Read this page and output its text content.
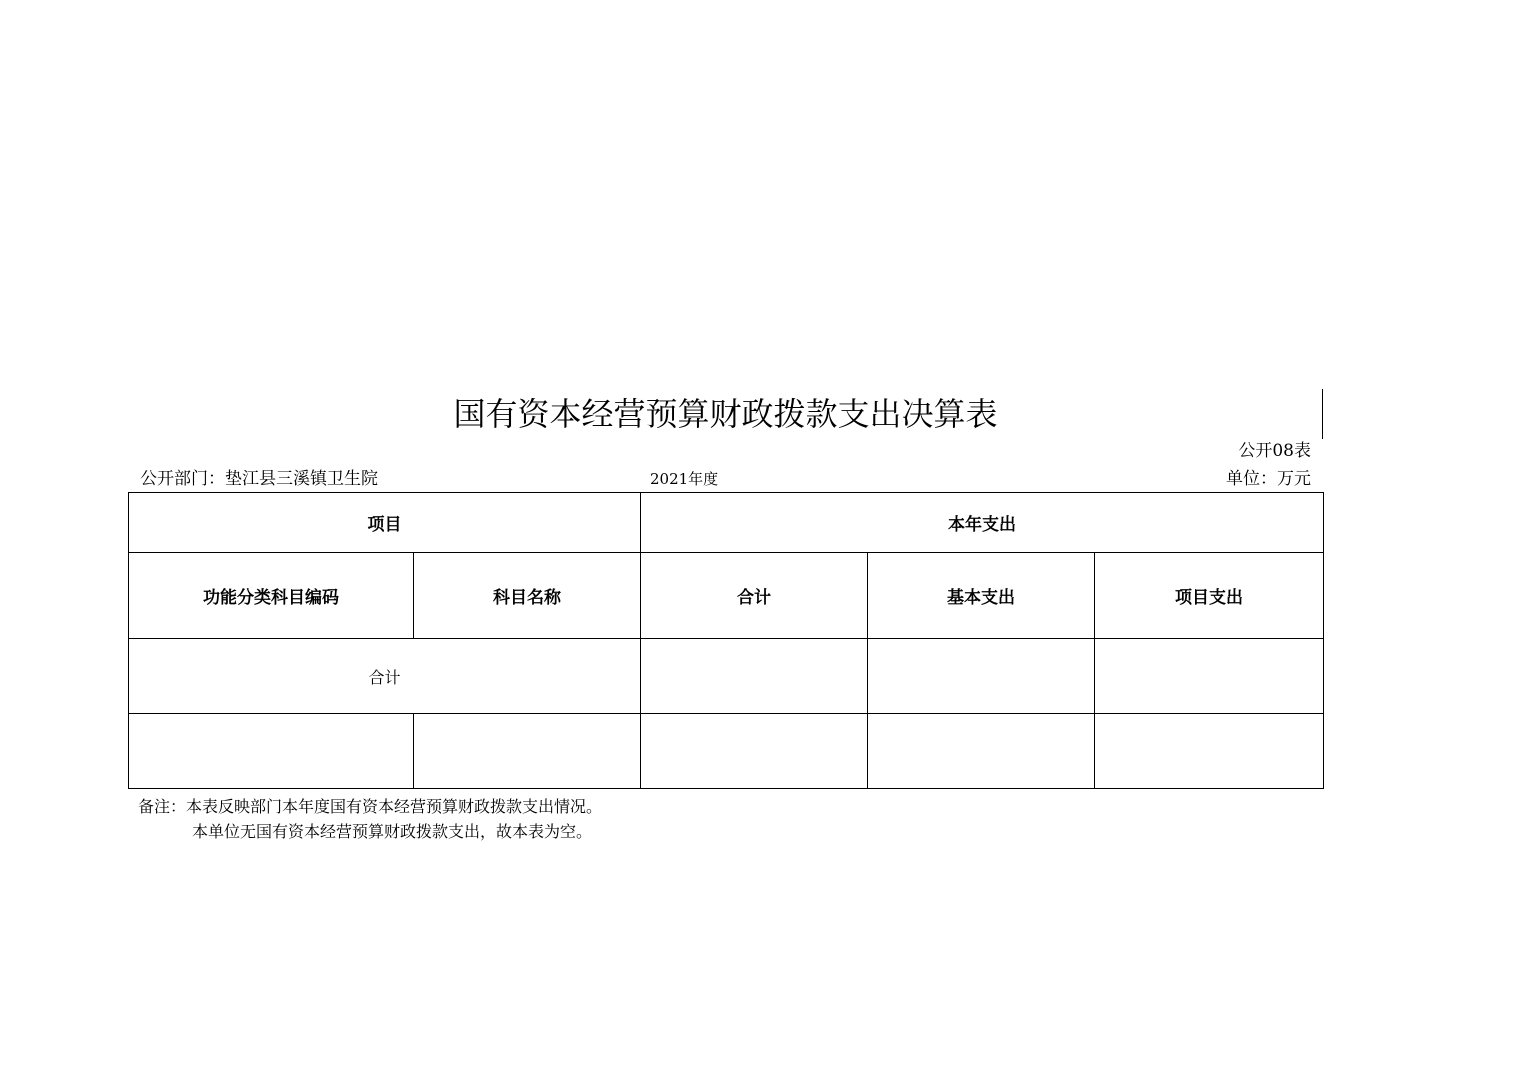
国有资本经营预算财政拨款支出决算表
公开08表
公开部门：垫江县三溪镇卫生院	2021年度	单位：万元
项目		本年支出		
功能分类科目编码	科目名称	合计	基本支出	项目支出
合计				

备注：本表反映部门本年度国有资本经营预算财政拨款支出情况。
本单位无国有资本经营预算财政拨款支出，故本表为空。
